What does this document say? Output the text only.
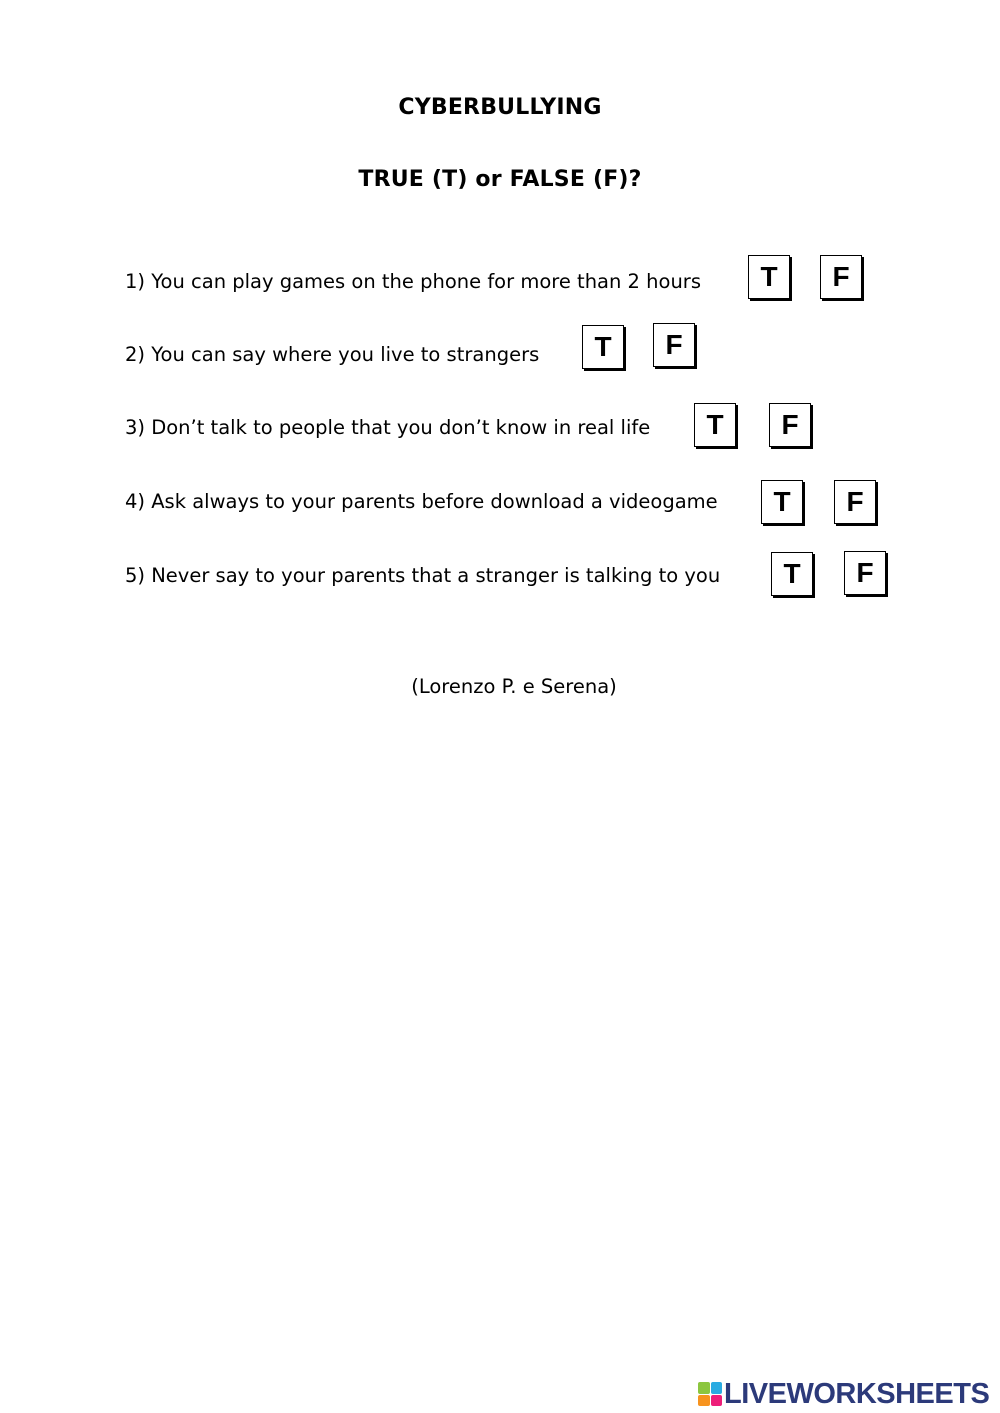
CYBERBULLYING
TRUE (T) or FALSE (F)?
1) You can play games on the phone for more than 2 hours	T	F
2) You can say where you live to strangers	T	F
3) Don’t talk to people that you don’t know in real life	T	F
4) Ask always to your parents before download a videogame	T	F
5) Never say to your parents that a stranger is talking to you	T	F
(Lorenzo P. e Serena)
LIVEWORKSHEETS
